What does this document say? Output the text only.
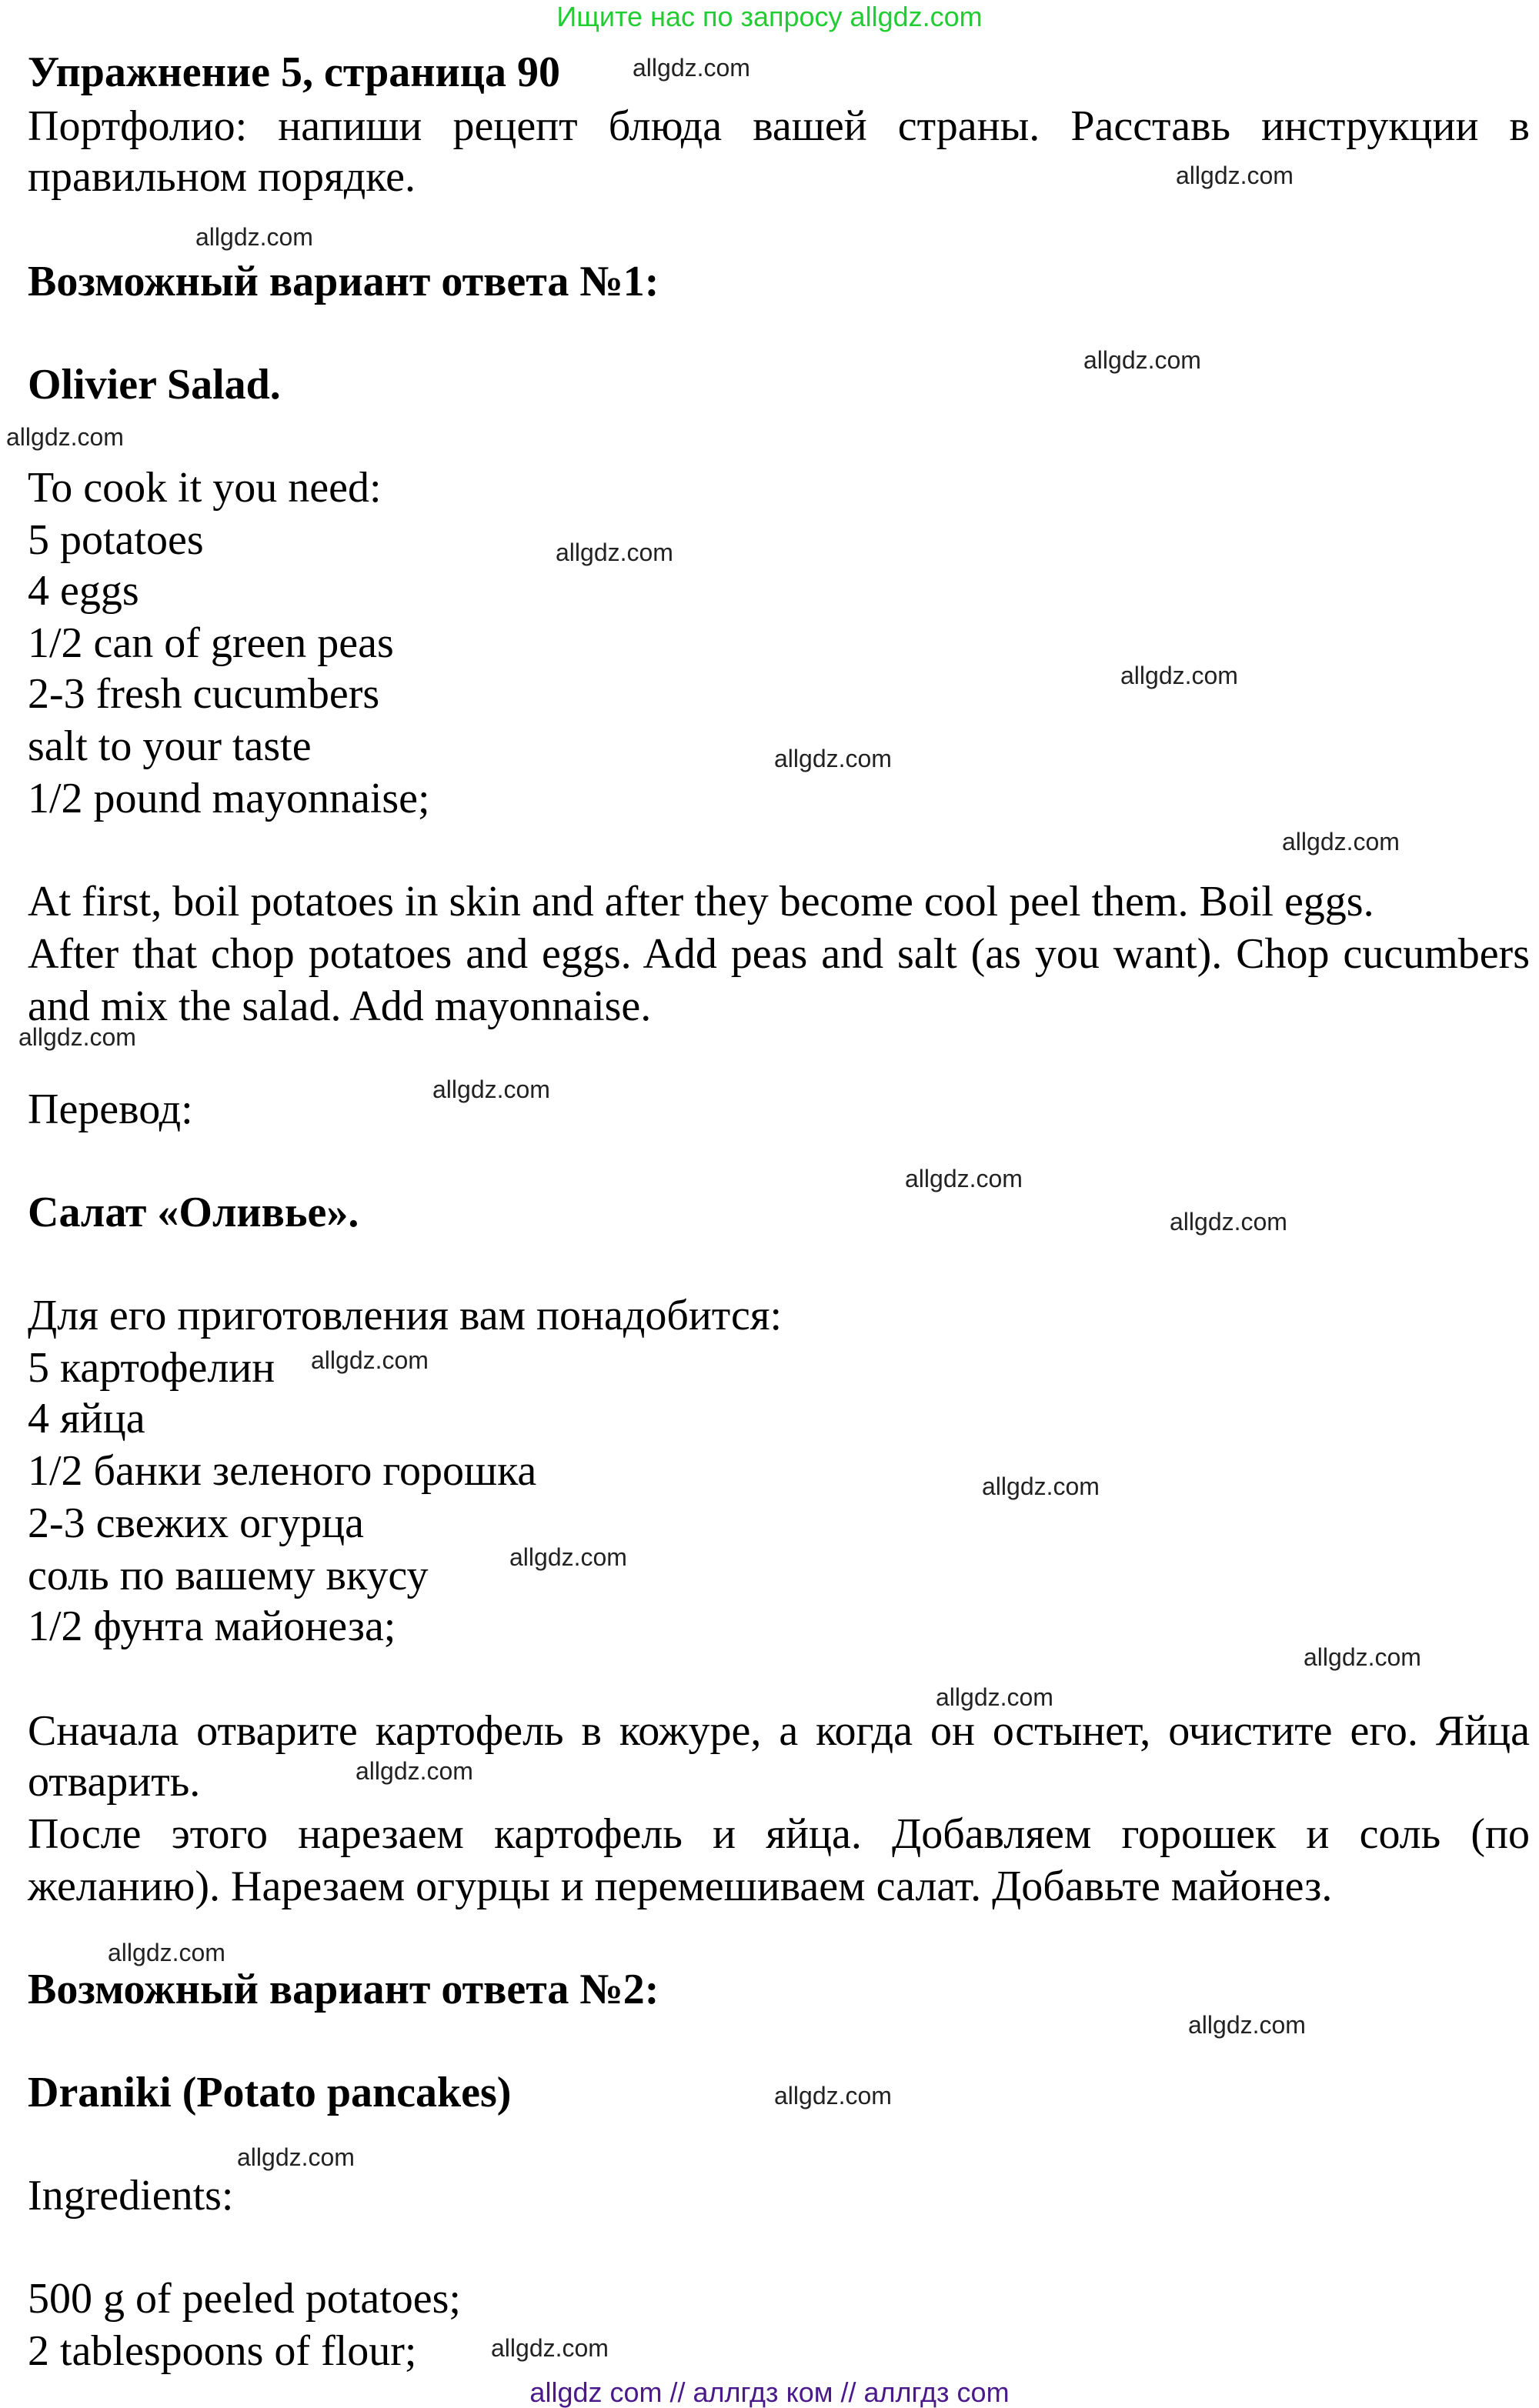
Ищите нас по запросу allgdz.com
Упражнение 5, страница 90
Портфолио: напиши рецепт блюда вашей страны. Расставь инструкции в
правильном порядке.
Возможный вариант ответа №1:
Olivier Salad.
To cook it you need:
5 potatoes
4 eggs
1/2 can of green peas
2-3 fresh cucumbers
salt to your taste
1/2 pound mayonnaise;
At first, boil potatoes in skin and after they become cool peel them. Boil eggs.
After that chop potatoes and eggs. Add peas and salt (as you want). Chop cucumbers
and mix the salad. Add mayonnaise.
Перевод:
Салат «Оливье».
Для его приготовления вам понадобится:
5 картофелин
4 яйца
1/2 банки зеленого горошка
2-3 свежих огурца
соль по вашему вкусу
1/2 фунта майонеза;
Сначала отварите картофель в кожуре, а когда он остынет, очистите его. Яйца
отварить.
После этого нарезаем картофель и яйца. Добавляем горошек и соль (по
желанию). Нарезаем огурцы и перемешиваем салат. Добавьте майонез.
Возможный вариант ответа №2:
Draniki (Potato pancakes)
Ingredients:
500 g of peeled potatoes;
2 tablespoons of flour;
allgdz.com
allgdz.com
allgdz.com
allgdz.com
allgdz.com
allgdz.com
allgdz.com
allgdz.com
allgdz.com
allgdz.com
allgdz.com
allgdz.com
allgdz.com
allgdz.com
allgdz.com
allgdz.com
allgdz.com
allgdz.com
allgdz.com
allgdz.com
allgdz.com
allgdz.com
allgdz.com
allgdz.com
allgdz com // аллгдз ком // аллгдз com
